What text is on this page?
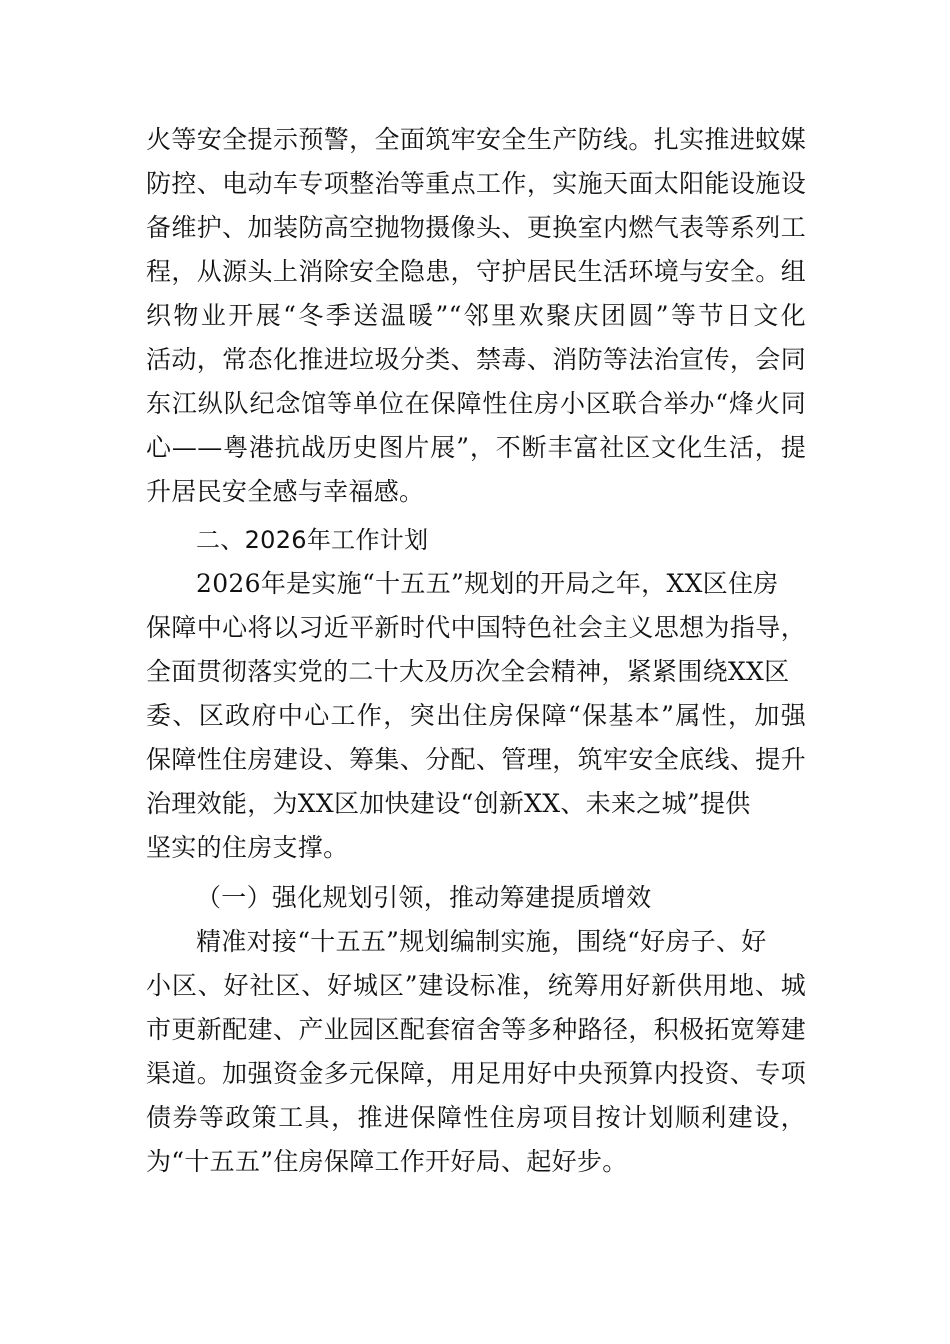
火等安全提示预警，全面筑牢安全生产防线。扎实推进蚊媒
防控、电动车专项整治等重点工作，实施天面太阳能设施设
备维护、加装防高空抛物摄像头、更换室内燃气表等系列工
程，从源头上消除安全隐患，守护居民生活环境与安全。组
织物业开展“冬季送温暖”“邻里欢聚庆团圆”等节日文化
活动，常态化推进垃圾分类、禁毒、消防等法治宣传，会同
东江纵队纪念馆等单位在保障性住房小区联合举办“烽火同
心——粤港抗战历史图片展”，不断丰富社区文化生活，提
升居民安全感与幸福感。
二、2026年工作计划
2026年是实施“十五五”规划的开局之年，XX区住房
保障中心将以习近平新时代中国特色社会主义思想为指导，
全面贯彻落实党的二十大及历次全会精神，紧紧围绕XX区
委、区政府中心工作，突出住房保障“保基本”属性，加强
保障性住房建设、筹集、分配、管理，筑牢安全底线、提升
治理效能，为XX区加快建设“创新XX、未来之城”提供
坚实的住房支撑。
（一）强化规划引领，推动筹建提质增效
精准对接“十五五”规划编制实施，围绕“好房子、好
小区、好社区、好城区”建设标准，统筹用好新供用地、城
市更新配建、产业园区配套宿舍等多种路径，积极拓宽筹建
渠道。加强资金多元保障，用足用好中央预算内投资、专项
债券等政策工具，推进保障性住房项目按计划顺利建设，
为“十五五”住房保障工作开好局、起好步。
